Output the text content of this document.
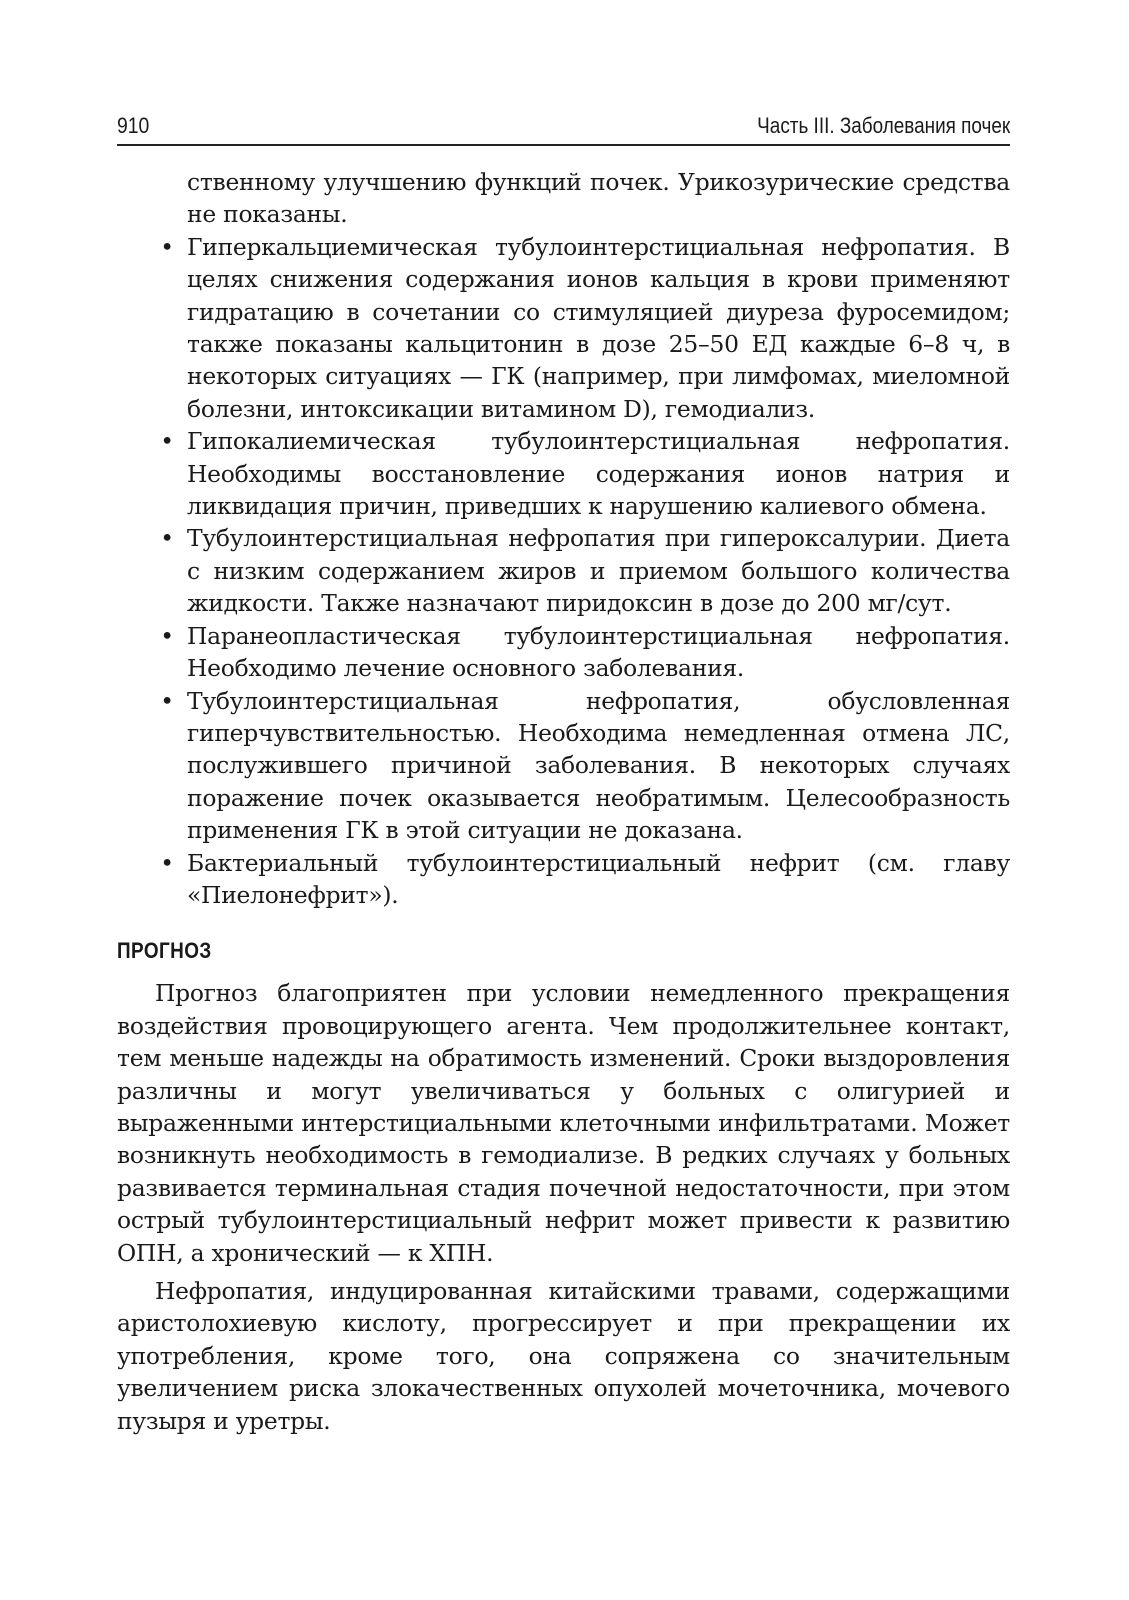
910	Часть III. Заболевания почек

ственному улучшению функций почек. Урикозурические средства не показаны.

• Гиперкальциемическая тубулоинтерстициальная нефропатия. В целях снижения содержания ионов кальция в крови применяют гидратацию в сочетании со стимуляцией диуреза фуросемидом; также показаны кальцитонин в дозе 25–50 ЕД каждые 6–8 ч, в некоторых ситуациях — ГК (например, при лимфомах, миеломной болезни, интоксикации витамином D), гемодиализ.
• Гипокалиемическая тубулоинтерстициальная нефропатия. Необходимы восстановление содержания ионов натрия и ликвидация причин, приведших к нарушению калиевого обмена.
• Тубулоинтерстициальная нефропатия при гипероксалурии. Диета с низким содержанием жиров и приемом большого количества жидкости. Также назначают пиридоксин в дозе до 200 мг/сут.
• Паранеопластическая тубулоинтерстициальная нефропатия. Необходимо лечение основного заболевания.
• Тубулоинтерстициальная нефропатия, обусловленная гиперчувствительностью. Необходима немедленная отмена ЛС, послужившего причиной заболевания. В некоторых случаях поражение почек оказывается необратимым. Целесообразность применения ГК в этой ситуации не доказана.
• Бактериальный тубулоинтерстициальный нефрит (см. главу «Пиелонефрит»).
ПРОГНОЗ

Прогноз благоприятен при условии немедленного прекращения воздействия провоцирующего агента. Чем продолжительнее контакт, тем меньше надежды на обратимость изменений. Сроки выздоровления различны и могут увеличиваться у больных с олигурией и выраженными интерстициальными клеточными инфильтратами. Может возникнуть необходимость в гемодиализе. В редких случаях у больных развивается терминальная стадия почечной недостаточности, при этом острый тубулоинтерстициальный нефрит может привести к развитию ОПН, а хронический — к ХПН.

Нефропатия, индуцированная китайскими травами, содержащими аристолохиевую кислоту, прогрессирует и при прекращении их употребления, кроме того, она сопряжена со значительным увеличением риска злокачественных опухолей мочеточника, мочевого пузыря и уретры.
